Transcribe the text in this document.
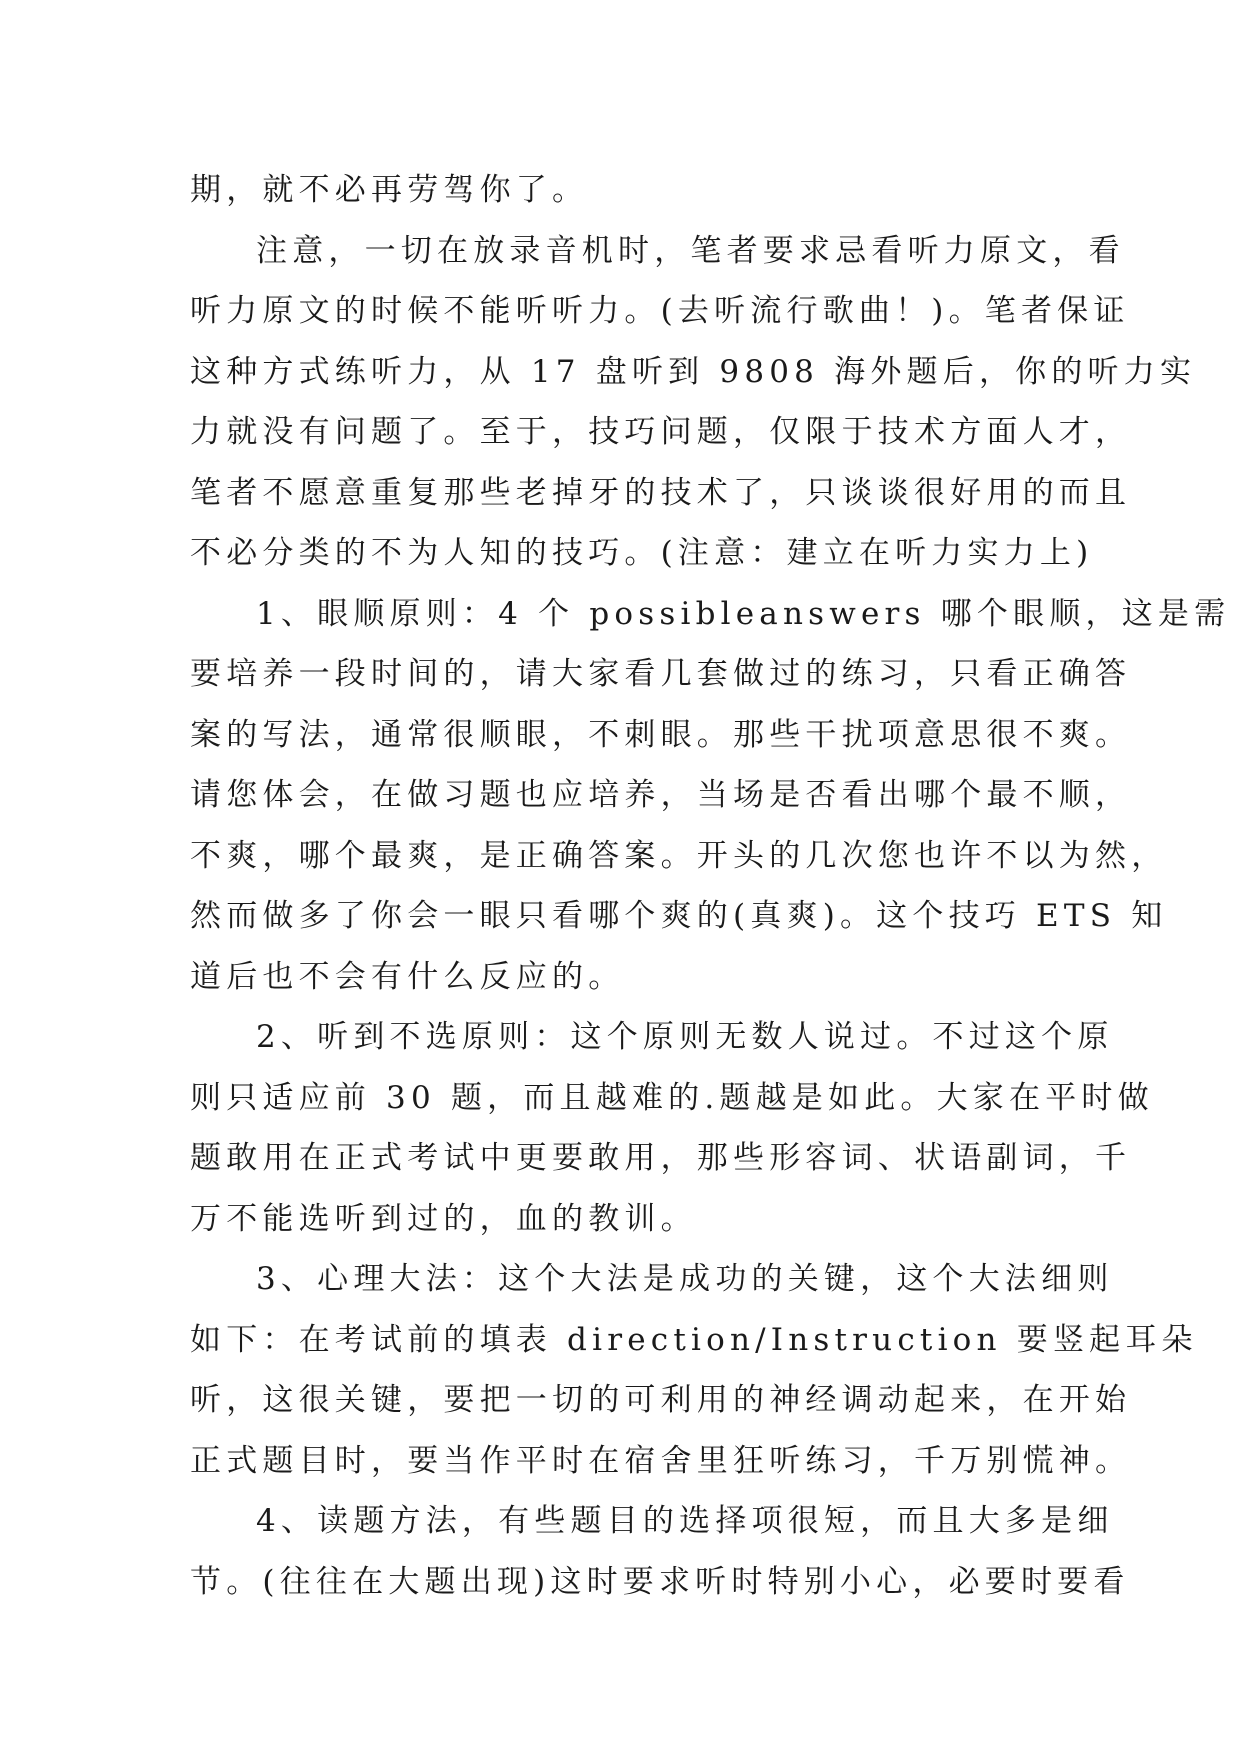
期，就不必再劳驾你了。
注意，一切在放录音机时，笔者要求忌看听力原文，看
听力原文的时候不能听听力。(去听流行歌曲！)。笔者保证
这种方式练听力，从 17 盘听到 9808 海外题后，你的听力实
力就没有问题了。至于，技巧问题，仅限于技术方面人才，
笔者不愿意重复那些老掉牙的技术了，只谈谈很好用的而且
不必分类的不为人知的技巧。(注意：建立在听力实力上)
1、眼顺原则：4 个 possibleanswers 哪个眼顺，这是需
要培养一段时间的，请大家看几套做过的练习，只看正确答
案的写法，通常很顺眼，不刺眼。那些干扰项意思很不爽。
请您体会，在做习题也应培养，当场是否看出哪个最不顺，
不爽，哪个最爽，是正确答案。开头的几次您也许不以为然，
然而做多了你会一眼只看哪个爽的(真爽)。这个技巧 ETS 知
道后也不会有什么反应的。
2、听到不选原则：这个原则无数人说过。不过这个原
则只适应前 30 题，而且越难的.题越是如此。大家在平时做
题敢用在正式考试中更要敢用，那些形容词、状语副词，千
万不能选听到过的，血的教训。
3、心理大法：这个大法是成功的关键，这个大法细则
如下：在考试前的填表 direction/Instruction 要竖起耳朵
听，这很关键，要把一切的可利用的神经调动起来，在开始
正式题目时，要当作平时在宿舍里狂听练习，千万别慌神。
4、读题方法，有些题目的选择项很短，而且大多是细
节。(往往在大题出现)这时要求听时特别小心，必要时要看
